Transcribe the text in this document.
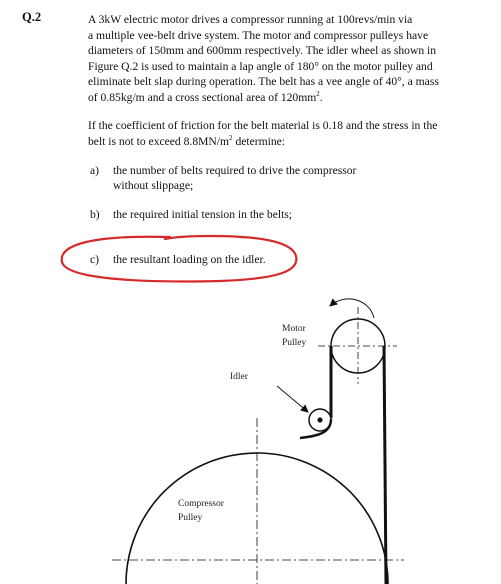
Q.2	A 3kW electric motor drives a compressor running at 100revs/min via
a multiple vee-belt drive system. The motor and compressor pulleys have
diameters of 150mm and 600mm respectively. The idler wheel as shown in
Figure Q.2 is used to maintain a lap angle of 180° on the motor pulley and
eliminate belt slap during operation. The belt has a vee angle of 40°, a mass
of 0.85kg/m and a cross sectional area of $120mm^2$.

If the coefficient of friction for the belt material is 0.18 and the stress in the
belt is not to exceed $8.8MN/m^2$ determine:

a)	the number of belts required to drive the compressor
without slippage;
b)	the required initial tension in the belts;
c)	the resultant loading on the idler.
Motor
Pulley
Idler
Compressor
Pulley
